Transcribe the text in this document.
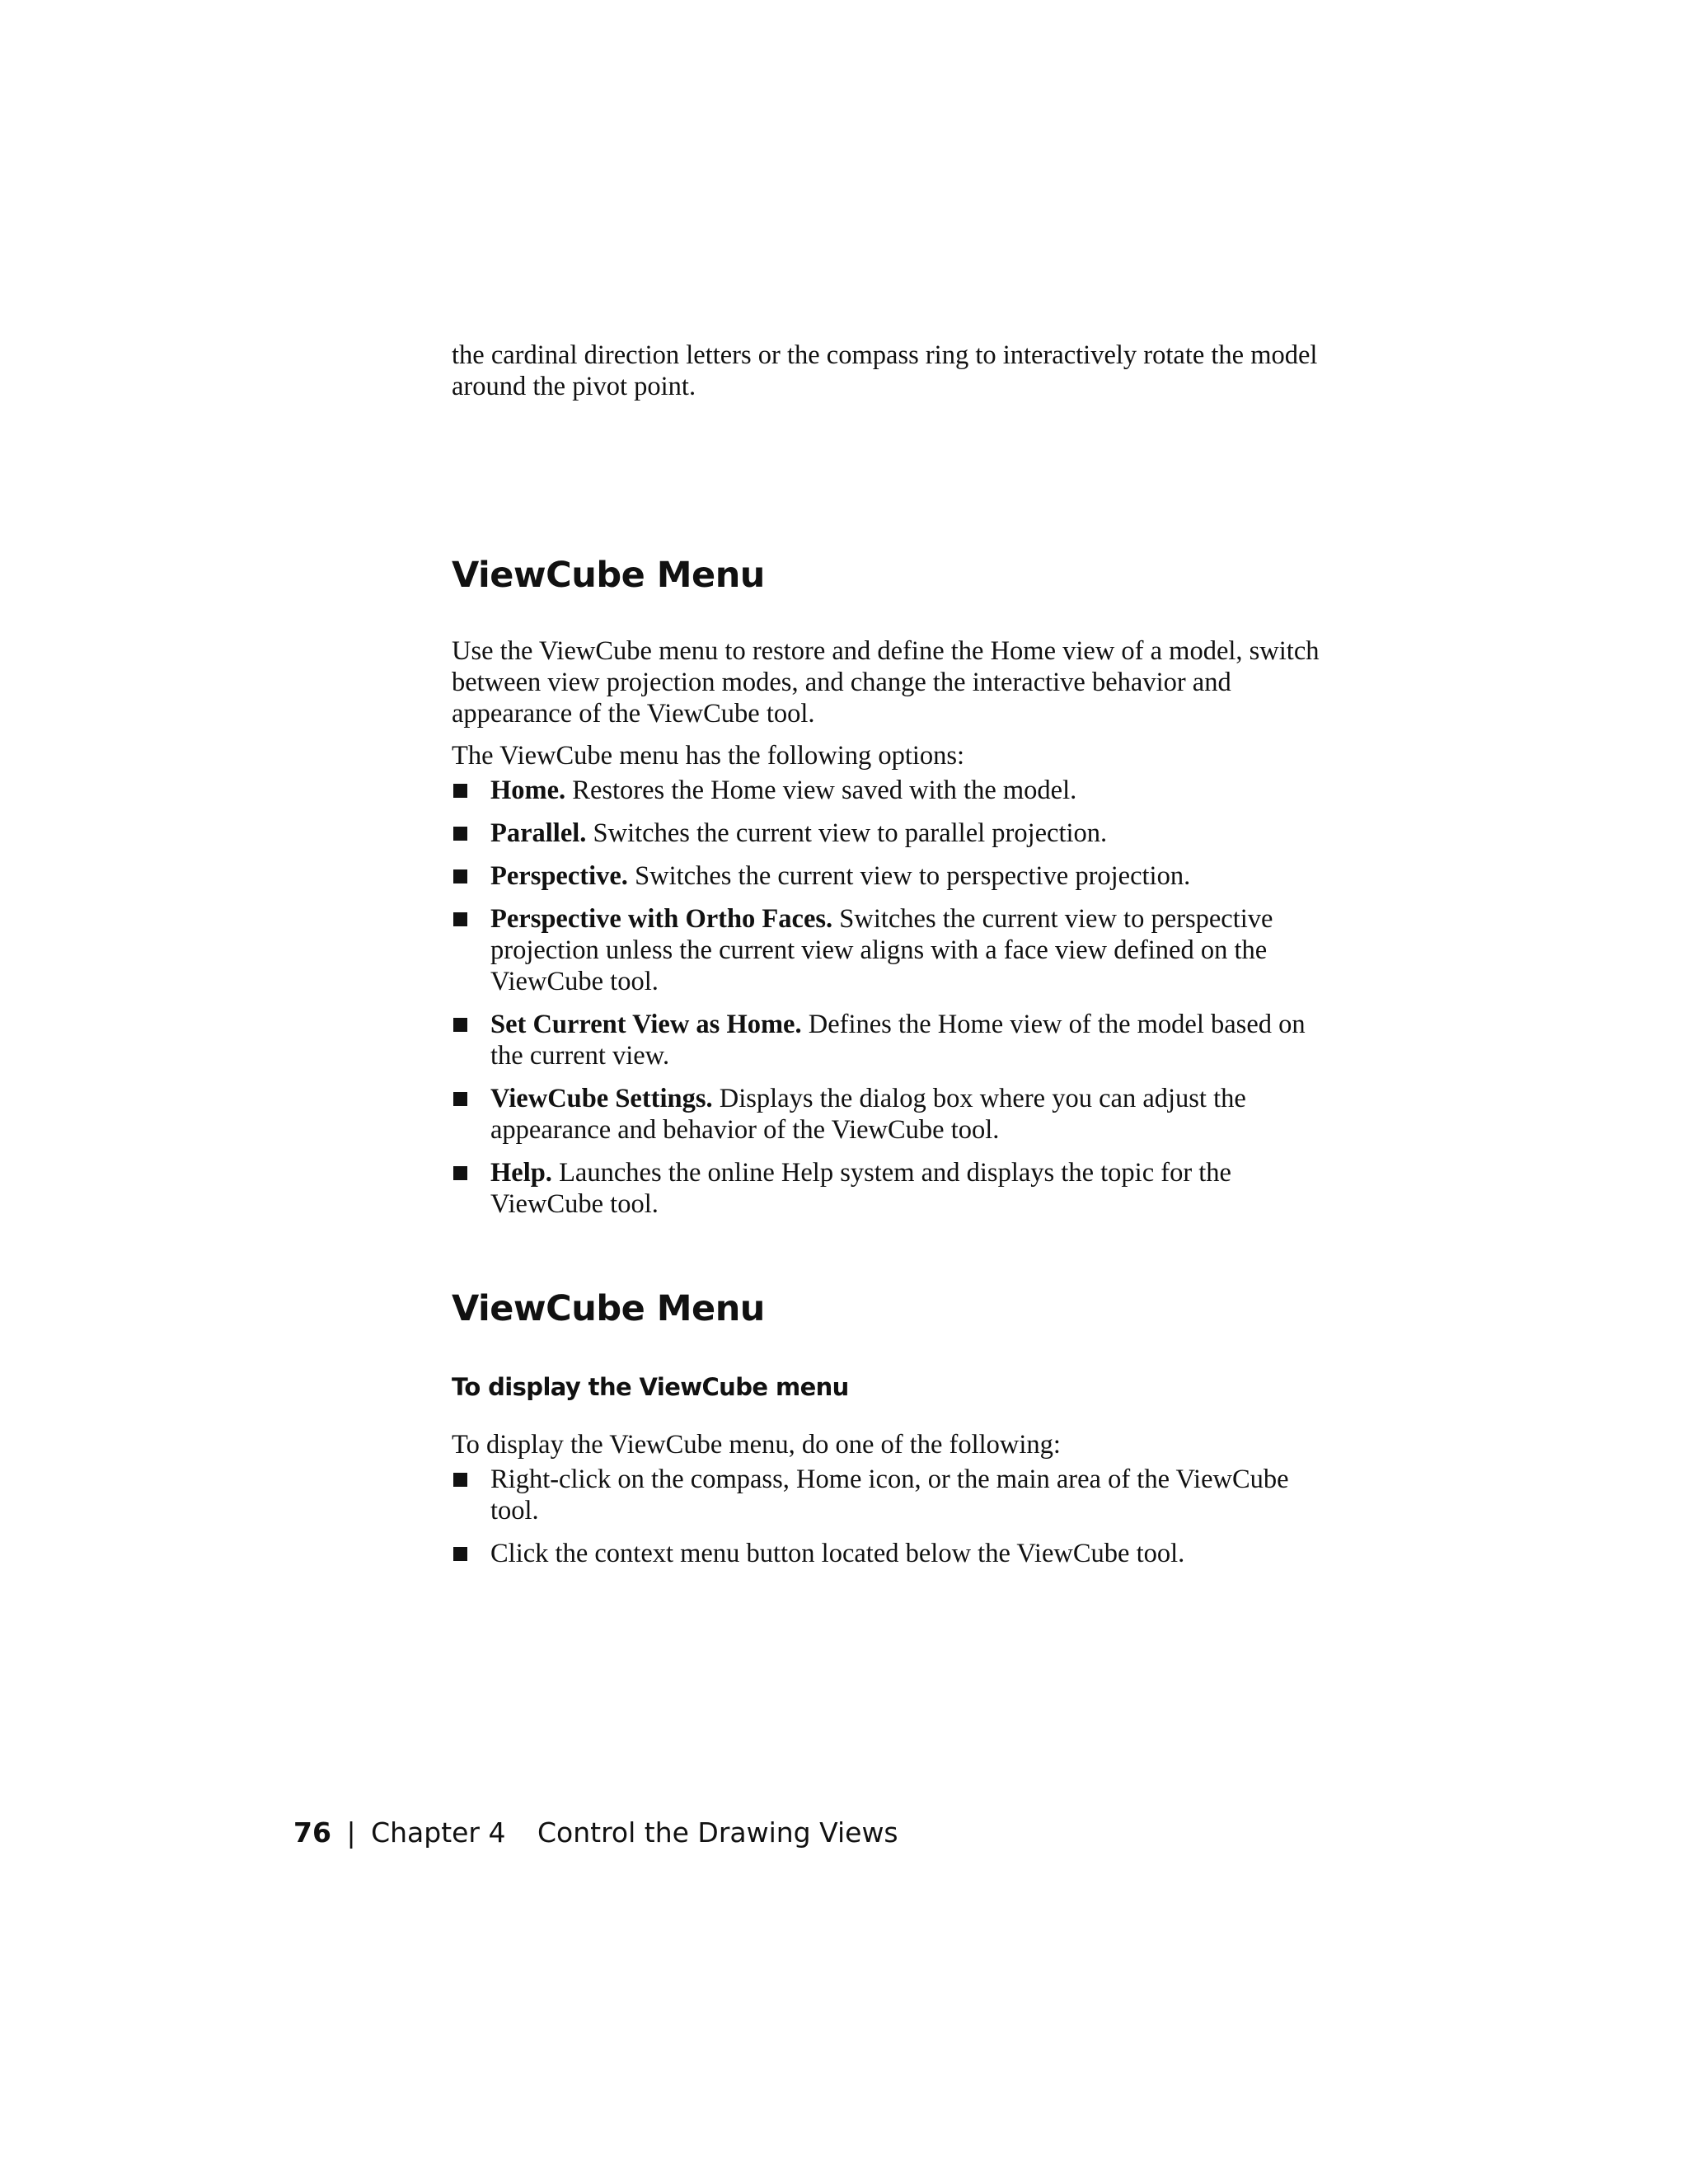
the cardinal direction letters or the compass ring to interactively rotate the model around the pivot point.

ViewCube Menu

Use the ViewCube menu to restore and define the Home view of a model, switch between view projection modes, and change the interactive behavior and appearance of the ViewCube tool.

The ViewCube menu has the following options:

Home. Restores the Home view saved with the model.
Parallel. Switches the current view to parallel projection.
Perspective. Switches the current view to perspective projection.
Perspective with Ortho Faces. Switches the current view to perspective projection unless the current view aligns with a face view defined on the ViewCube tool.
Set Current View as Home. Defines the Home view of the model based on the current view.
ViewCube Settings. Displays the dialog box where you can adjust the appearance and behavior of the ViewCube tool.
Help. Launches the online Help system and displays the topic for the ViewCube tool.
ViewCube Menu
To display the ViewCube menu

To display the ViewCube menu, do one of the following:

Right-click on the compass, Home icon, or the main area of the ViewCube tool.
Click the context menu button located below the ViewCube tool.
76 | Chapter 4 Control the Drawing Views
